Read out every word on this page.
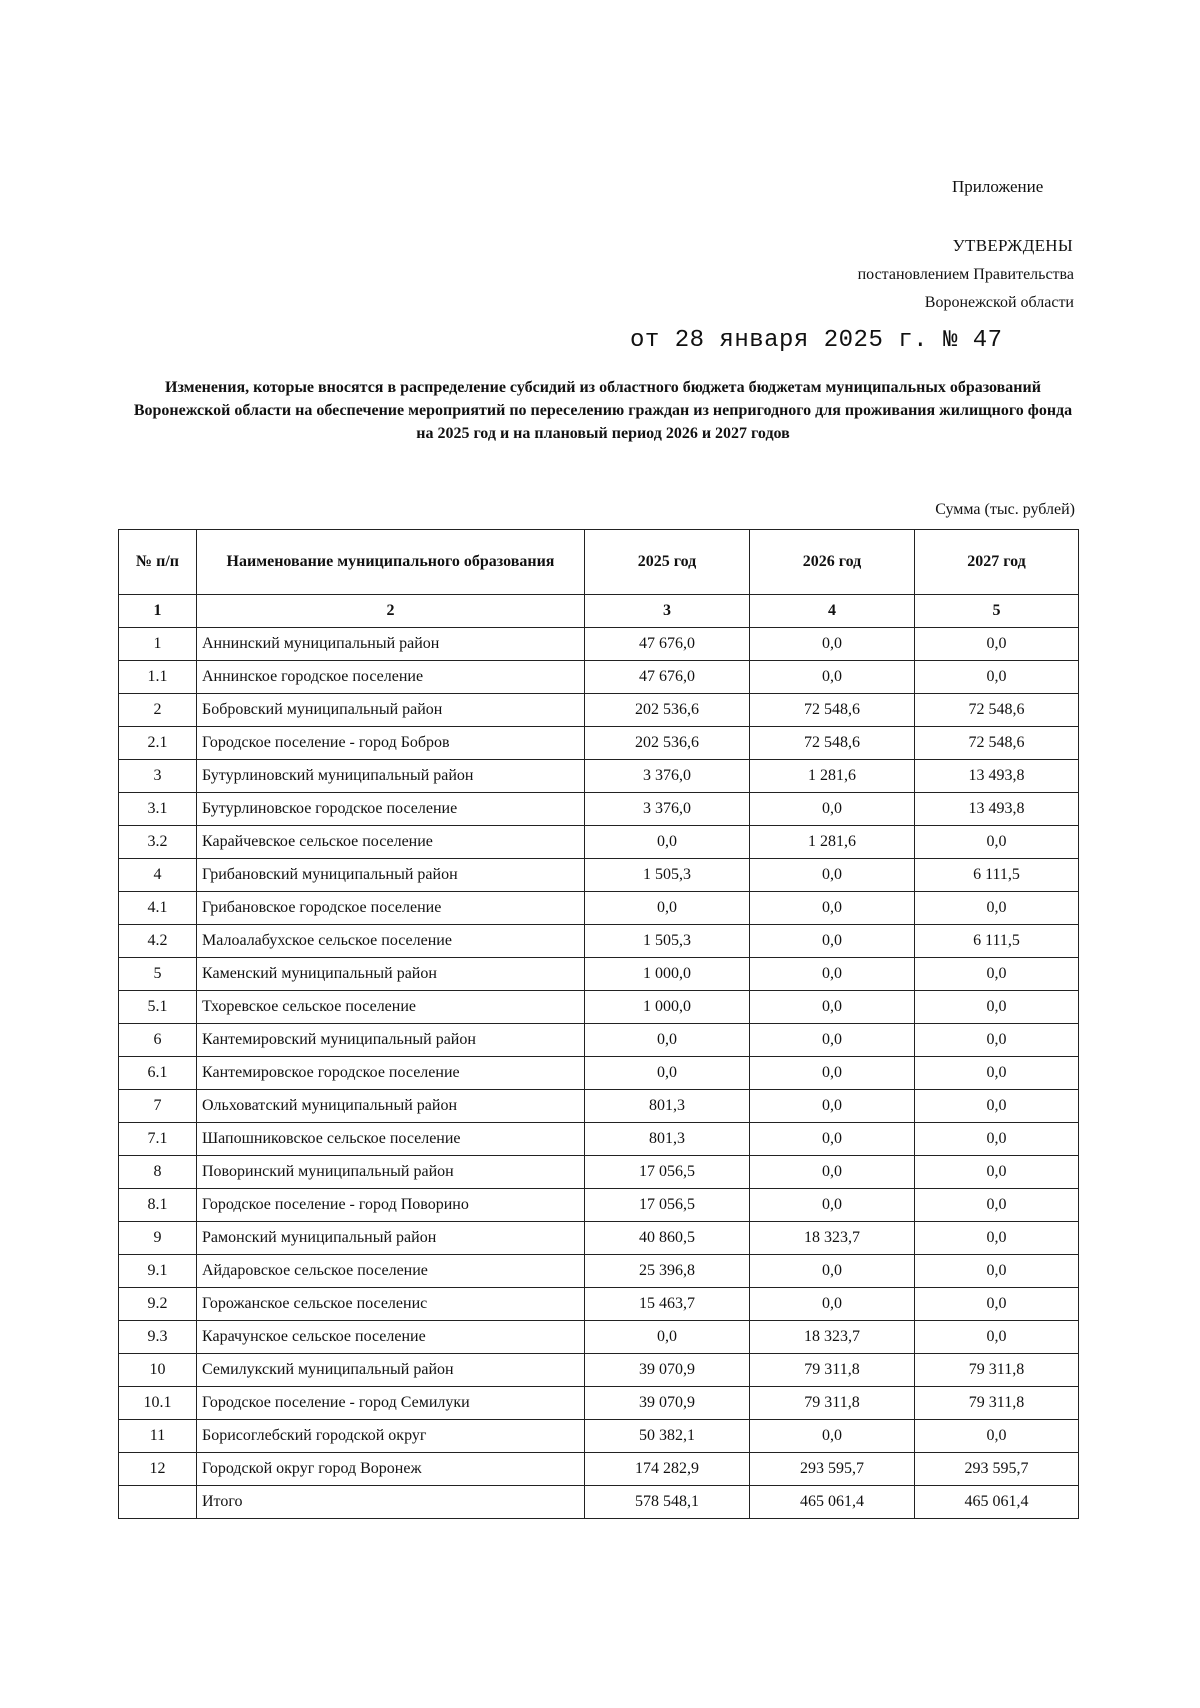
Приложение
УТВЕРЖДЕНЫ
постановлением Правительства
Воронежской области
от 28 января 2025 г. № 47
Изменения, которые вносятся в распределение субсидий из областного бюджета бюджетам муниципальных образований Воронежской области на обеспечение мероприятий по переселению граждан из непригодного для проживания жилищного фонда на 2025 год и на плановый период 2026 и 2027 годов
Сумма (тыс. рублей)
№ п/п	Наименование муниципального образования	2025 год	2026 год	2027 год
1	2	3	4	5
1	Аннинский муниципальный район	47 676,0	0,0	0,0
1.1	Аннинское городское поселение	47 676,0	0,0	0,0
2	Бобровский муниципальный район	202 536,6	72 548,6	72 548,6
2.1	Городское поселение - город Бобров	202 536,6	72 548,6	72 548,6
3	Бутурлиновский муниципальный район	3 376,0	1 281,6	13 493,8
3.1	Бутурлиновское городское поселение	3 376,0	0,0	13 493,8
3.2	Карайчевское сельское поселение	0,0	1 281,6	0,0
4	Грибановский муниципальный район	1 505,3	0,0	6 111,5
4.1	Грибановское городское поселение	0,0	0,0	0,0
4.2	Малоалабухское сельское поселение	1 505,3	0,0	6 111,5
5	Каменский муниципальный район	1 000,0	0,0	0,0
5.1	Тхоревское сельское поселение	1 000,0	0,0	0,0
6	Кантемировский муниципальный район	0,0	0,0	0,0
6.1	Кантемировское городское поселение	0,0	0,0	0,0
7	Ольховатский муниципальный район	801,3	0,0	0,0
7.1	Шапошниковское сельское поселение	801,3	0,0	0,0
8	Поворинский муниципальный район	17 056,5	0,0	0,0
8.1	Городское поселение - город Поворино	17 056,5	0,0	0,0
9	Рамонский муниципальный район	40 860,5	18 323,7	0,0
9.1	Айдаровское сельское поселение	25 396,8	0,0	0,0
9.2	Горожанское сельское поселенис	15 463,7	0,0	0,0
9.3	Карачунское сельское поселение	0,0	18 323,7	0,0
10	Семилукский муниципальный район	39 070,9	79 311,8	79 311,8
10.1	Городское поселение - город Семилуки	39 070,9	79 311,8	79 311,8
11	Борисоглебский городской округ	50 382,1	0,0	0,0
12	Городской округ город Воронеж	174 282,9	293 595,7	293 595,7
	Итого	578 548,1	465 061,4	465 061,4
